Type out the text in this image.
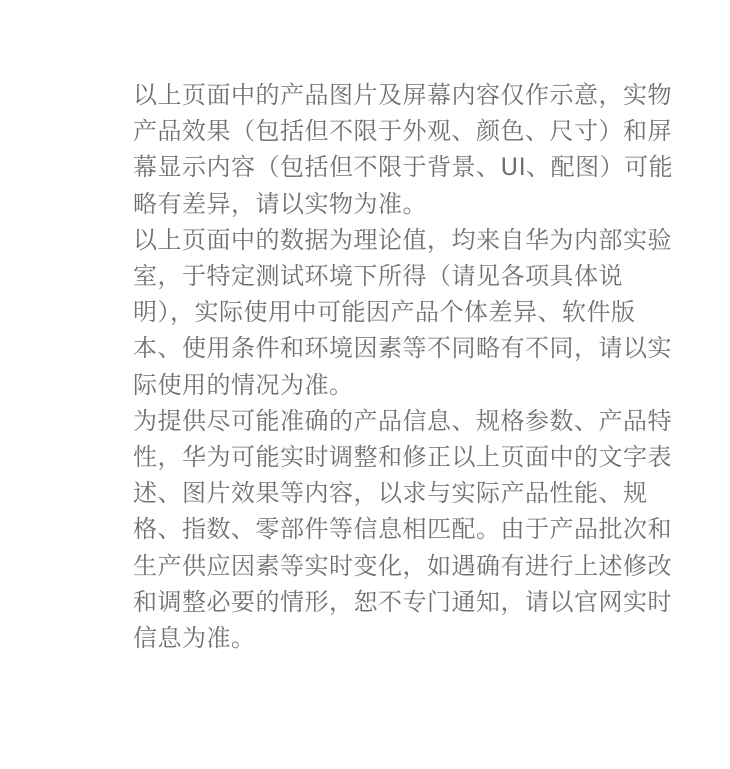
以上页面中的产品图片及屏幕内容仅作示意，实物
产品效果（包括但不限于外观、颜色、尺寸）和屏
幕显示内容（包括但不限于背景、UI、配图）可能
略有差异，请以实物为准。

以上页面中的数据为理论值，均来自华为内部实验
室，于特定测试环境下所得（请见各项具体说
明），实际使用中可能因产品个体差异、软件版
本、使用条件和环境因素等不同略有不同，请以实
际使用的情况为准。

为提供尽可能准确的产品信息、规格参数、产品特
性，华为可能实时调整和修正以上页面中的文字表
述、图片效果等内容，以求与实际产品性能、规
格、指数、零部件等信息相匹配。由于产品批次和
生产供应因素等实时变化，如遇确有进行上述修改
和调整必要的情形，恕不专门通知，请以官网实时
信息为准。
